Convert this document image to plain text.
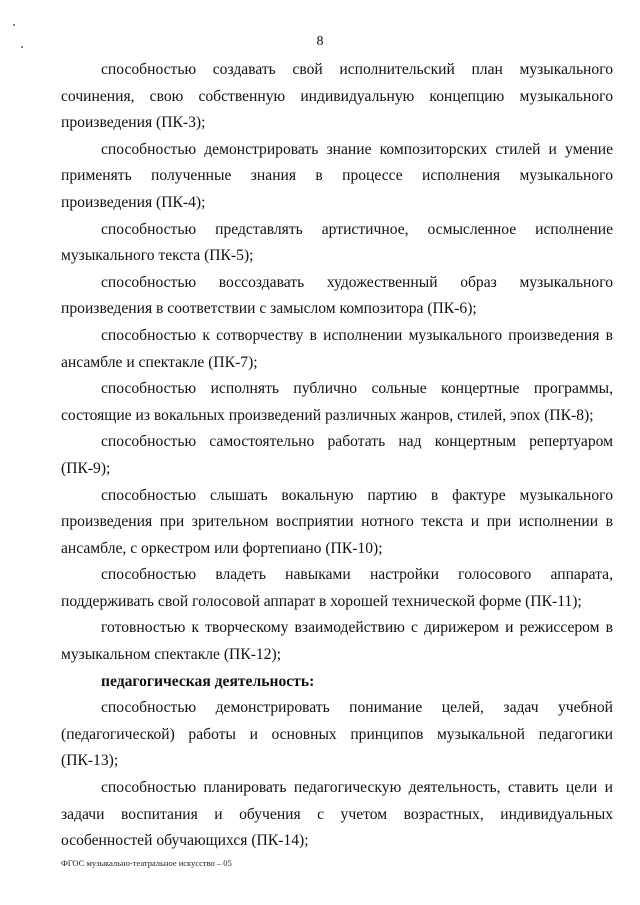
8

способностью создавать свой исполнительский план музыкального сочинения, свою собственную индивидуальную концепцию музыкального произведения (ПК-3);

способностью демонстрировать знание композиторских стилей и умение применять полученные знания в процессе исполнения музыкального произведения (ПК-4);

способностью представлять артистичное, осмысленное исполнение музыкального текста (ПК-5);

способностью воссоздавать художественный образ музыкального произведения в соответствии с замыслом композитора (ПК-6);

способностью к сотворчеству в исполнении музыкального произведения в ансамбле и спектакле (ПК-7);

способностью исполнять публично сольные концертные программы, состоящие из вокальных произведений различных жанров, стилей, эпох (ПК-8);

способностью самостоятельно работать над концертным репертуаром (ПК-9);

способностью слышать вокальную партию в фактуре музыкального произведения при зрительном восприятии нотного текста и при исполнении в ансамбле, с оркестром или фортепиано (ПК-10);

способностью владеть навыками настройки голосового аппарата, поддерживать свой голосовой аппарат в хорошей технической форме (ПК-11);

готовностью к творческому взаимодействию с дирижером и режиссером в музыкальном спектакле (ПК-12);

педагогическая деятельность:

способностью демонстрировать понимание целей, задач учебной (педагогической) работы и основных принципов музыкальной педагогики (ПК-13);

способностью планировать педагогическую деятельность, ставить цели и задачи воспитания и обучения с учетом возрастных, индивидуальных особенностей обучающихся (ПК-14);

ФГОС музыкально-театральное искусство – 05
